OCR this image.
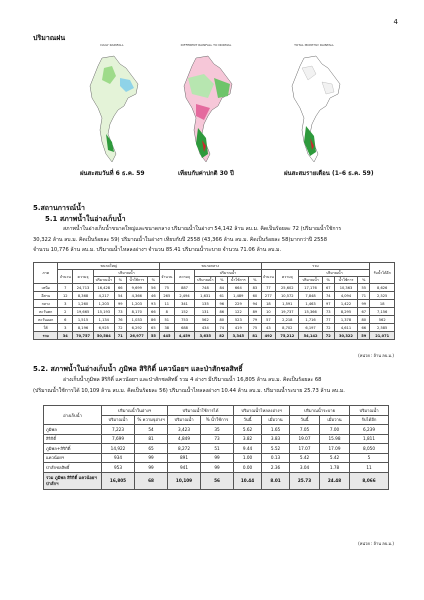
4
ปริมาณฝน
DAILY RAINFALL	DIFFERENT RAINFALL TO NORMAL	TOTAL MONTHLY RAINFALL
ฝนสะสมวันที่ 6 ธ.ค. 59	เทียบกับค่าปกติ 30 ปี	ฝนสะสมรายเดือน (1–6 ธ.ค. 59)
5.สถานการณ์น้ำ
5.1 สภาพน้ำในอ่างเก็บน้ำ
สภาพน้ำในอ่างเก็บน้ำขนาดใหญ่และขนาดกลาง ปริมาณน้ำในอ่างฯ 54,142 ล้าน ลบ.ม. คิดเป็นร้อยละ 72 (ปริมาณน้ำใช้การ
30,322 ล้าน ลบ.ม. คิดเป็นร้อยละ 59) ปริมาณน้ำในอ่างฯ เทียบกับปี 2558 (43,366 ล้าน ลบ.ม. คิดเป็นร้อยละ 58)มากกว่าปี 2558
จำนวน 10,776 ล้าน ลบ.ม. ปริมาณน้ำไหลลงอ่างฯ จำนวน 85.41 ปริมาณน้ำระบาย จำนวน 71.06 ล้าน ลบ.ม.
ภาค	ขนาดใหญ่						ขนาดกลาง						รวม						รับน้ำได้อีก
	จำนวน	ความจุ	ปริมาณน้ำ				จำนวน	ความจุ	ปริมาณน้ำ				จำนวน	ความจุ	ปริมาณน้ำ				
			ปริมาณน้ำ	%	น้ำใช้การ	%			ปริมาณน้ำ	%	น้ำใช้การ	%			ปริมาณน้ำ	%	น้ำใช้การ	%	

เหนือ	7	24,713	16,428	66	9,699	56	75	887	748	84	664	83	77	25,602	17,176	67	10,363	55	8,626
อีสาน	12	8,368	4,217	54	4,366	46	265	2,494	1,631	61	1,489	60	277	10,572	7,848	74	4,094	71	2,525
กลาง	3	1,260	1,203	99	1,203	93	11	341	135	96	229	94	18	1,591	1,463	97	1,422	99	18
ตะวันตก	2	19,665	15,193	73	8,170	66	8	152	131	86	122	89	10	19,737	15,366	73	8,295	67	7,156
ตะวันออก	6	1,515	1,134	76	1,033	86	51	753	562	80	523	79	57	2,218	1,716	77	1,378	80	562
ใต้	3	8,196	6,925	72	6,292	65	38	688	434	74	419	75	43	8,702	6,197	72	4,611	66	2,585
รวม	34	70,757	50,584	71	26,977	55	445	4,459	3,635	82	3,345	81	492	75,212	54,142	72	30,322	59	21,071
(หน่วย : ล้าน ลบ.ม.)
5.2. สภาพน้ำในอ่างเก็บน้ำ ภูมิพล สิริกิติ์ แควน้อยฯ และป่าสักชลสิทธิ์
อ่างเก็บน้ำภูมิพล สิริกิติ์ แควน้อยฯ และป่าสักชลสิทธิ์ รวม 4 อ่างฯ มีปริมาณน้ำ 16,805 ล้าน ลบ.ม. คิดเป็นร้อยละ 68
(ปริมาณน้ำใช้การได้ 10,109 ล้าน ลบ.ม. คิดเป็นร้อยละ 56) ปริมาณน้ำไหลลงอ่างฯ 10.44 ล้าน ลบ.ม. ปริมาณน้ำระบาย 25.73 ล้าน ลบ.ม.
อ่างเก็บน้ำ	ปริมาณน้ำในอ่างฯ		ปริมาณน้ำใช้การได้		ปริมาณน้ำไหลลงอ่างฯ		ปริมาณน้ำระบาย		ปริมาณน้ำ
	ปริมาณน้ำ	% ความจุอ่างฯ	ปริมาณน้ำ	% น้ำใช้การ	วันนี้	เมื่อวาน	วันนี้	เมื่อวาน	รับได้อีก
ภูมิพล	7,223	54	3,423	35	5.62	1.65	7.05	7.00	6,239
สิริกิติ์	7,699	81	4,849	73	3.82	3.83	19.07	15.98	1,811
ภูมิพล+สิริกิติ์	14,922	65	8,272	51	9.44	5.52	17.07	17.09	8,050
แควน้อยฯ	934	99	891	99	1.00	0.13	5.42	5.42	5
ป่าสักชลสิทธิ์	953	99	941	99	0.00	2.36	3.04	1.78	11
รวม ภูมิพล สิริกิติ์ แควน้อยฯ ป่าสักฯ	16,805	68	10,109	56	10.44	8.01	25.73	24.48	8,066
(หน่วย : ล้าน ลบ.ม.)
